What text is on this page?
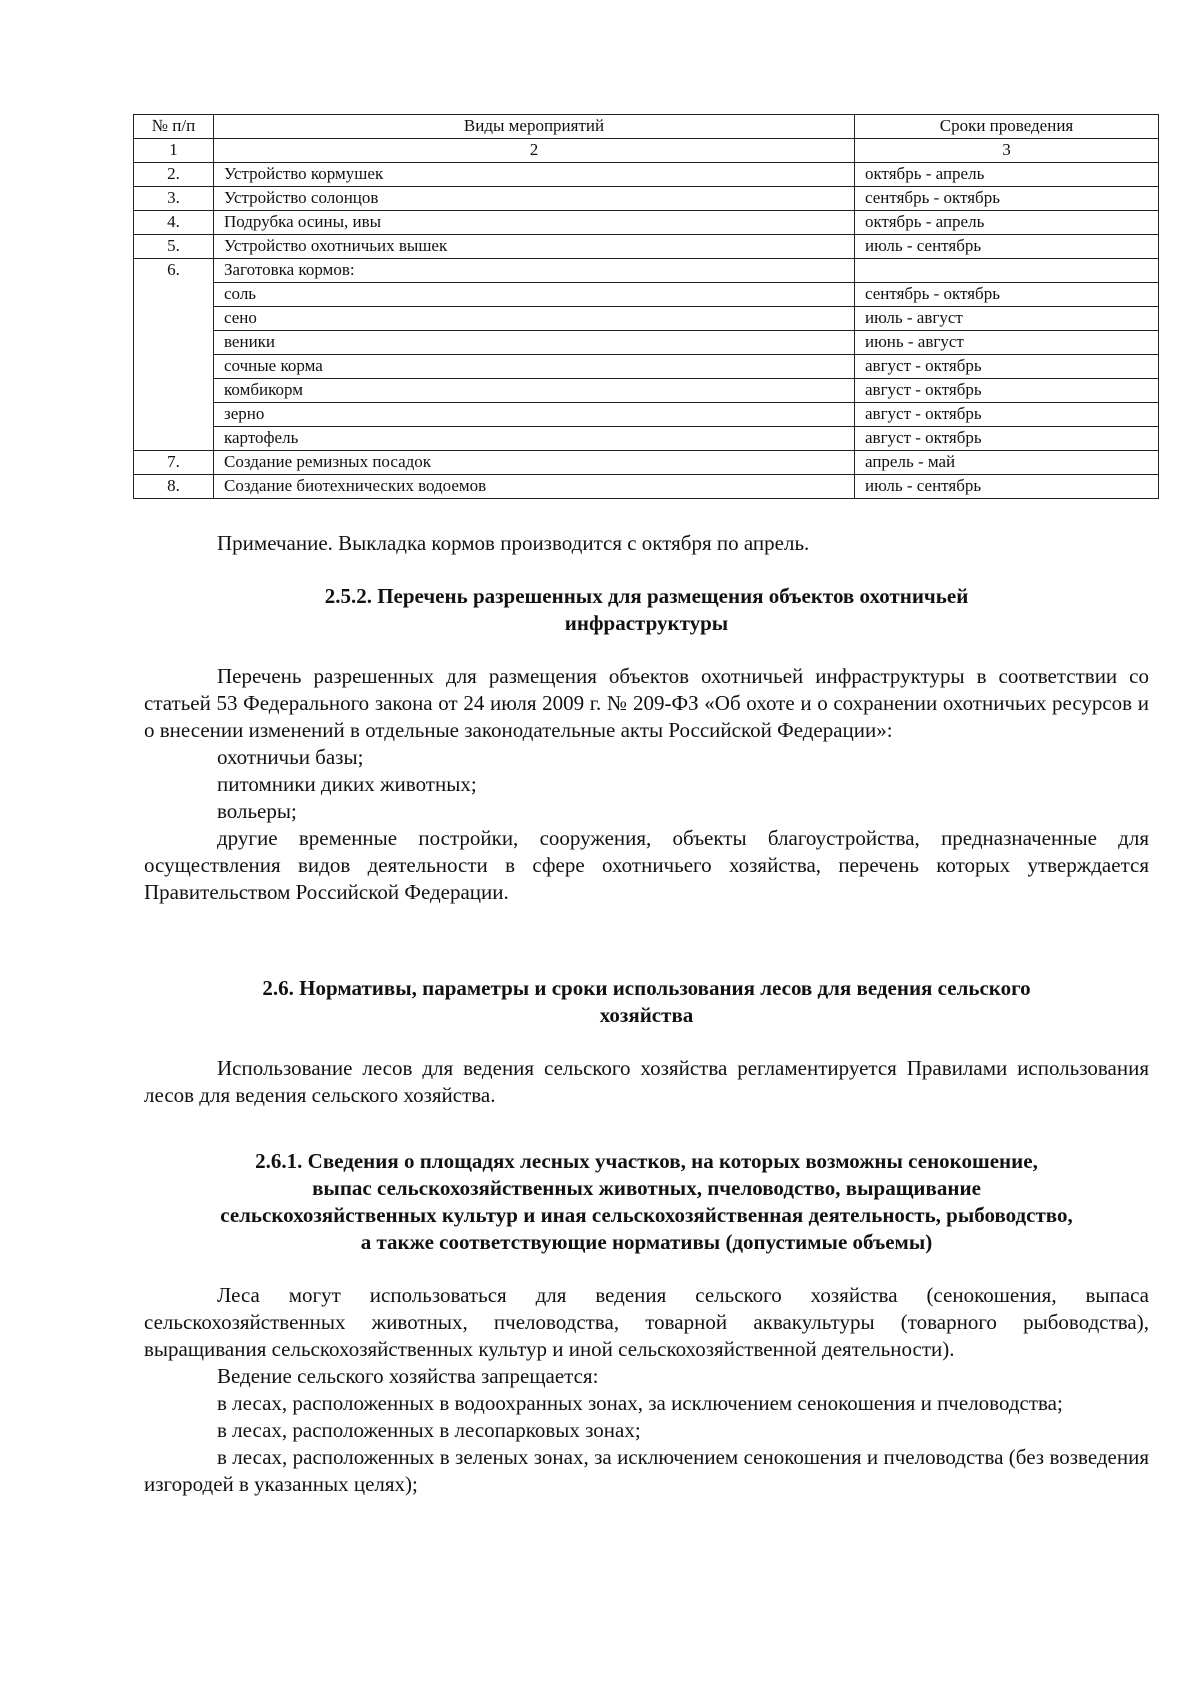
№ п/п	Виды мероприятий	Сроки проведения
1	2	3
2.	Устройство кормушек	октябрь - апрель
3.	Устройство солонцов	сентябрь - октябрь
4.	Подрубка осины, ивы	октябрь - апрель
5.	Устройство охотничьих вышек	июль - сентябрь
6.	Заготовка кормов:	
	соль	сентябрь - октябрь
	сено	июль - август
	веники	июнь - август
	сочные корма	август - октябрь
	комбикорм	август - октябрь
	зерно	август - октябрь
	картофель	август - октябрь
7.	Создание ремизных посадок	апрель - май
8.	Создание биотехнических водоемов	июль - сентябрь

Примечание. Выкладка кормов производится с октября по апрель.

2.5.2. Перечень разрешенных для размещения объектов охотничьей
инфраструктуры

Перечень разрешенных для размещения объектов охотничьей инфраструктуры в соответствии со статьей 53 Федерального закона от 24 июля 2009 г. № 209-ФЗ «Об охоте и о сохранении охотничьих ресурсов и о внесении изменений в отдельные законодательные акты Российской Федерации»:

охотничьи базы;

питомники диких животных;

вольеры;

другие временные постройки, сооружения, объекты благоустройства, предназначенные для осуществления видов деятельности в сфере охотничьего хозяйства, перечень которых утверждается Правительством Российской Федерации.

2.6. Нормативы, параметры и сроки использования лесов для ведения сельского
хозяйства

Использование лесов для ведения сельского хозяйства регламентируется Правилами использования лесов для ведения сельского хозяйства.

2.6.1. Сведения о площадях лесных участков, на которых возможны сенокошение,
выпас сельскохозяйственных животных, пчеловодство, выращивание
сельскохозяйственных культур и иная сельскохозяйственная деятельность, рыбоводство,
а также соответствующие нормативы (допустимые объемы)

Леса могут использоваться для ведения сельского хозяйства (сенокошения, выпаса сельскохозяйственных животных, пчеловодства, товарной аквакультуры (товарного рыбоводства), выращивания сельскохозяйственных культур и иной сельскохозяйственной деятельности).

Ведение сельского хозяйства запрещается:

в лесах, расположенных в водоохранных зонах, за исключением сенокошения и пчеловодства;

в лесах, расположенных в лесопарковых зонах;

в лесах, расположенных в зеленых зонах, за исключением сенокошения и пчеловодства (без возведения изгородей в указанных целях);
